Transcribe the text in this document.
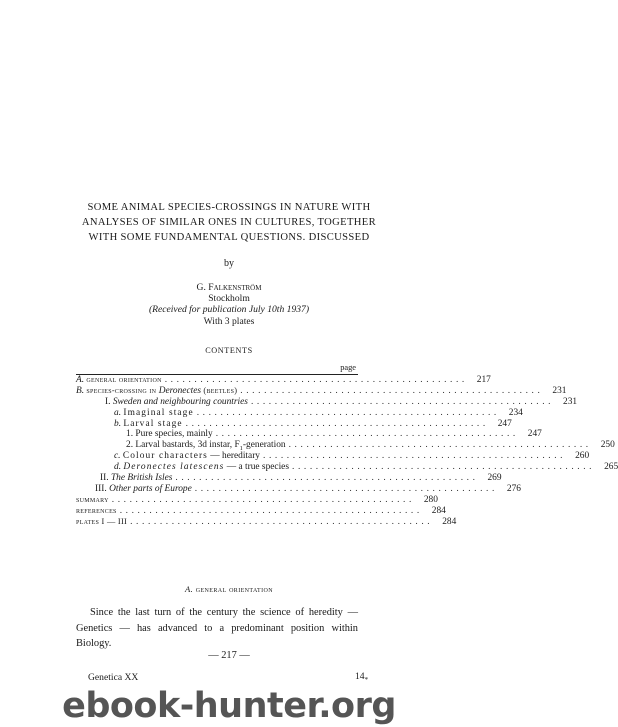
SOME ANIMAL SPECIES-CROSSINGS IN NATURE WITH
ANALYSES OF SIMILAR ONES IN CULTURES, TOGETHER
WITH SOME FUNDAMENTAL QUESTIONS. DISCUSSED
by
G. Falkenström
Stockholm
(Received for publication July 10th 1937)
With 3 plates
CONTENTS
page
A. general orientation ................................................... 217
B. species-crossing in Deronectes (beetles) ................................................... 231
I. Sweden and neighbouring countries ................................................... 231
a. Imaginal stage ................................................... 234
b. Larval stage ................................................... 247
1. Pure species, mainly ................................................... 247
2. Larval bastards, 3d instar, $F_1$-generation ................................................... 250
c. Colour characters — hereditary ................................................... 260
d. Deronectes latescens — a true species ................................................... 265
II. The British Isles ................................................... 269
III. Other parts of Europe ................................................... 276
summary ................................................... 280
references ................................................... 284
plates I — III ................................................... 284
A. general orientation

Since the last turn of the century the science of heredity — Genetics — has advanced to a predominant position within Biology.

— 217 —
Genetica XX	$14_*$
ebook-hunter.org
